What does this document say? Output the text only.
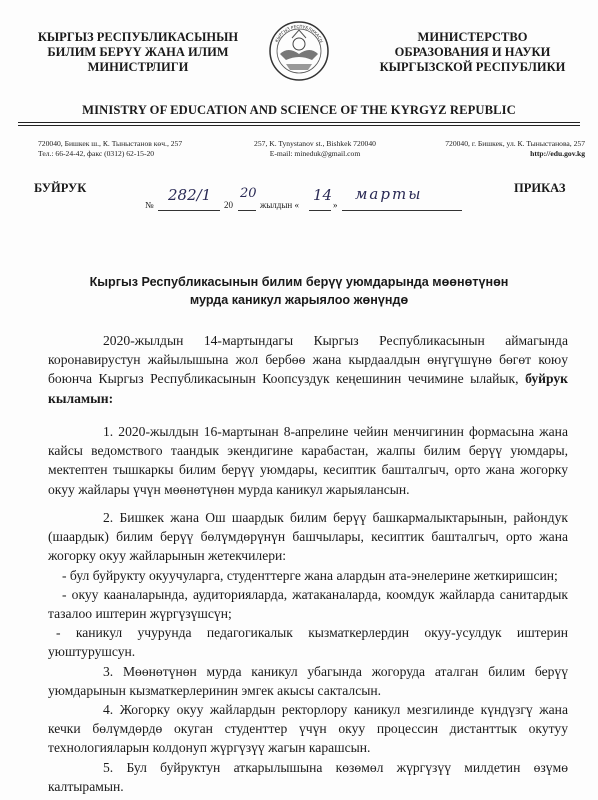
КЫРГЫЗ РЕСПУБЛИКАСЫНЫН
БИЛИМ БЕРҮҮ ЖАНА ИЛИМ
МИНИСТРЛИГИ
КЫРГЫЗ РЕСПУБЛИКАСЫ	МИНИСТЕРСТВО
ОБРАЗОВАНИЯ И НАУКИ
КЫРГЫЗСКОЙ РЕСПУБЛИКИ
MINISTRY OF EDUCATION AND SCIENCE OF THE KYRGYZ REPUBLIC
720040, Бишкек ш., К. Тыныстанов көч., 257
Тел.: 66-24-42, факс (0312) 62-15-20
257, K. Tynystanov st., Bishkek 720040
E-mail: mineduk@gmail.com
720040, г. Бишкек, ул. К. Тыныстанова, 257
http://edu.gov.kg
БУЙРУК	ПРИКАЗ
№
282/1
20
20
жылдын «
14
»
марты
Кыргыз Республикасынын билим берүү уюмдарында мөөнөтүнөн
мурда каникул жарыялоо жөнүндө

2020-жылдын 14-мартындагы Кыргыз Республикасынын аймагында коронавирустун жайылышына жол бербөө жана кырдаалдын өнүгүшүнө бөгөт коюу боюнча Кыргыз Республикасынын Коопсуздук кеңешинин чечимине ылайык, буйрук кыламын:

1. 2020-жылдын 16-мартынан 8-апрелине чейин менчигинин формасына жана кайсы ведомствого таандык экендигине карабастан, жалпы билим берүү уюмдары, мектептен тышкаркы билим берүү уюмдары, кесиптик башталгыч, орто жана жогорку окуу жайлары үчүн мөөнөтүнөн мурда каникул жарыялансын.

2. Бишкек жана Ош шаардык билим берүү башкармалыктарынын, райондук (шаардык) билим берүү бөлүмдөрүнүн башчылары, кесиптик башталгыч, орто жана жогорку окуу жайларынын жетекчилери:

- бул буйрукту окуучуларга, студенттерге жана алардын ата-энелерине жеткиришсин;

- окуу кааналарында, аудиторияларда, жатаканаларда, коомдук жайларда санитардык тазалоо иштерин жүргүзүшсүн;

- каникул учурунда педагогикалык кызматкерлердин окуу-усулдук иштерин уюштурушсун.

3. Мөөнөтүнөн мурда каникул убагында жогоруда аталган билим берүү уюмдарынын кызматкерлеринин эмгек акысы сакталсын.

4. Жогорку окуу жайлардын ректорлору каникул мезгилинде күндүзгү жана кечки бөлүмдөрдө окуган студенттер үчүн окуу процессин дистанттык окутуу технологияларын колдонуп жүргүзүү жагын карашсын.

5. Бул буйруктун аткарылышына көзөмөл жүргүзүү милдетин өзүмө калтырамын.
